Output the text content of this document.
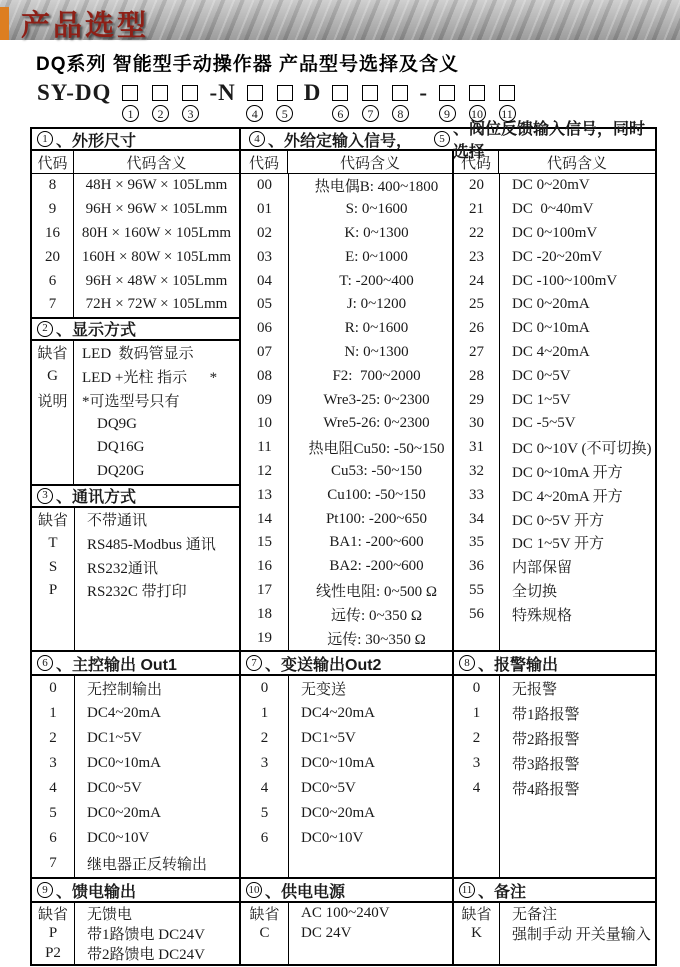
产品选型
DQ系列 智能型手动操作器 产品型号选择及含义
SY-DQ
1	2	3
-N
4	5
D
6	7	8
-
9	10 11
1 、外形尺寸
代码	代码含义
8	48H × 96W × 105Lmm
9	96H × 96W × 105Lmm
16	80H × 160W × 105Lmm
20	160H × 80W × 105Lmm
6	96H × 48W × 105Lmm
7	72H × 72W × 105Lmm
2 、显示方式
缺省 LED  数码管显示
G	LED +光柱 指示      *
说明 *可选型号只有
DQ9G
DQ16G
DQ20G
3 、通讯方式
缺省	不带通讯
T	RS485-Modbus 通讯
S	RS232通讯
P	RS232C 带打印
4 、外给定输入信号，	5
、阀位反馈输入信号，同时选择
代码	代码含义
00	热电偶B: 400~1800
01	S: 0~1600
02	K: 0~1300
03	E: 0~1000
04	T: -200~400
05	J: 0~1200
06	R: 0~1600
07	N: 0~1300
08	F2:  700~2000
09	Wre3-25: 0~2300
10	Wre5-26: 0~2300
11	热电阻Cu50: -50~150
12	Cu53: -50~150
13	Cu100: -50~150
14	Pt100: -200~650
15	BA1: -200~600
16	BA2: -200~600
17	线性电阻: 0~500 Ω
18	远传: 0~350 Ω
19	远传: 30~350 Ω
代码	代码含义
20	DC 0~20mV
21	DC  0~40mV
22	DC 0~100mV
23	DC -20~20mV
24	DC -100~100mV
25	DC 0~20mA
26	DC 0~10mA
27	DC 4~20mA
28	DC 0~5V
29	DC 1~5V
30	DC -5~5V
31	DC 0~10V (不可切换)
32	DC 0~10mA 开方
33	DC 4~20mA 开方
34	DC 0~5V 开方
35	DC 1~5V 开方
36	内部保留
55	全切换
56	特殊规格
6 、主控输出 Out1
0	无控制输出
1	DC4~20mA
2	DC1~5V
3	DC0~10mA
4	DC0~5V
5	DC0~20mA
6	DC0~10V
7	继电器正反转输出
7 、变送输出Out2
0	无变送
1	DC4~20mA
2	DC1~5V
3	DC0~10mA
4	DC0~5V
5	DC0~20mA
6	DC0~10V
8 、报警输出
0	无报警
1	带1路报警
2	带2路报警
3	带3路报警
4	带4路报警
9 、馈电输出
缺省	无馈电
P	带1路馈电 DC24V
P2	带2路馈电 DC24V
10 、供电电源
缺省	AC 100~240V
C	DC 24V
11 、备注
缺省	无备注
K	强制手动 开关量输入
